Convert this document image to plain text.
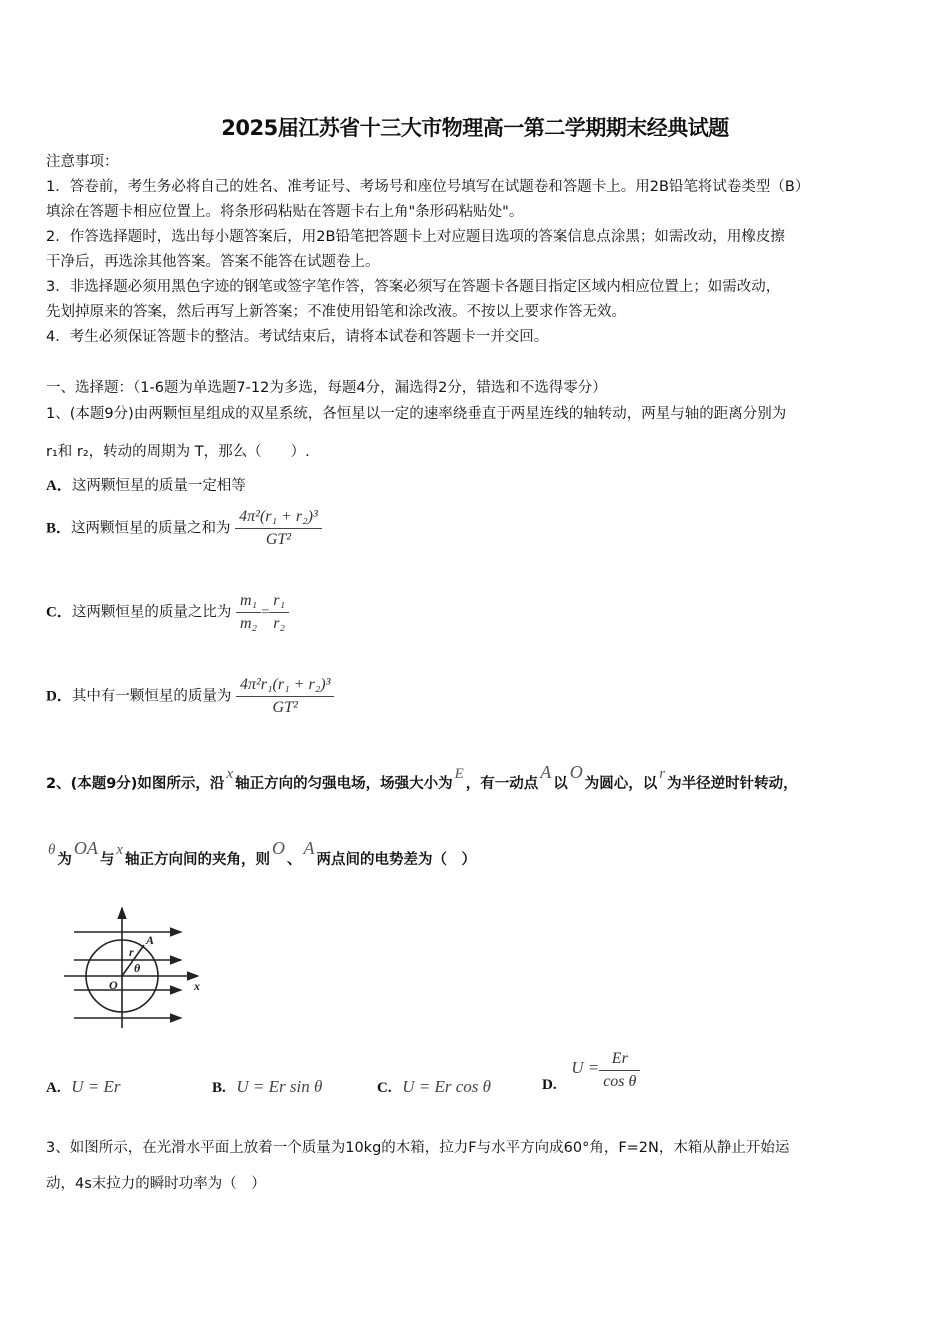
2025届江苏省十三大市物理高一第二学期期末经典试题
注意事项：
1．答卷前，考生务必将自己的姓名、准考证号、考场号和座位号填写在试题卷和答题卡上。用2B铅笔将试卷类型（B）
填涂在答题卡相应位置上。将条形码粘贴在答题卡右上角"条形码粘贴处"。
2．作答选择题时，选出每小题答案后，用2B铅笔把答题卡上对应题目选项的答案信息点涂黑；如需改动，用橡皮擦
干净后，再选涂其他答案。答案不能答在试题卷上。
3．非选择题必须用黑色字迹的钢笔或签字笔作答，答案必须写在答题卡各题目指定区域内相应位置上；如需改动，
先划掉原来的答案，然后再写上新答案；不准使用铅笔和涂改液。不按以上要求作答无效。
4．考生必须保证答题卡的整洁。考试结束后，请将本试卷和答题卡一并交回。
一、选择题：（1-6题为单选题7-12为多选，每题4分，漏选得2分，错选和不选得零分）
1、(本题9分)由两颗恒星组成的双星系统，各恒星以一定的速率绕垂直于两星连线的轴转动，两星与轴的距离分别为
r₁和 r₂，转动的周期为 T，那么（　　）.
A．这两颗恒星的质量一定相等
B．这两颗恒星的质量之和为 $\frac{\text{4π²(r₁ + r₂)³}}{\text{GT²}}$
C．这两颗恒星的质量之比为 $\frac{\text{m₁}}{\text{m₂}} = \frac{\text{r₁}}{\text{r₂}}$
D．其中有一颗恒星的质量为 $\frac{\text{4π²r₁(r₁ + r₂)³}}{\text{GT²}}$
2、(本题9分)如图所示，沿x轴正方向的匀强电场，场强大小为E，有一动点A以O为圆心，以r为半径逆时针转动，
θ为OA与x轴正方向间的夹角，则O、A两点间的电势差为（　）
A
r
θ
O	x
A. U = Er	B. U = Er sin θ	C. U = Er cos θ	D. $U = \frac{Er}{\text{cos θ}}$
3、如图所示，在光滑水平面上放着一个质量为10kg的木箱，拉力F与水平方向成60°角，F=2N，木箱从静止开始运
动，4s末拉力的瞬时功率为（　）
